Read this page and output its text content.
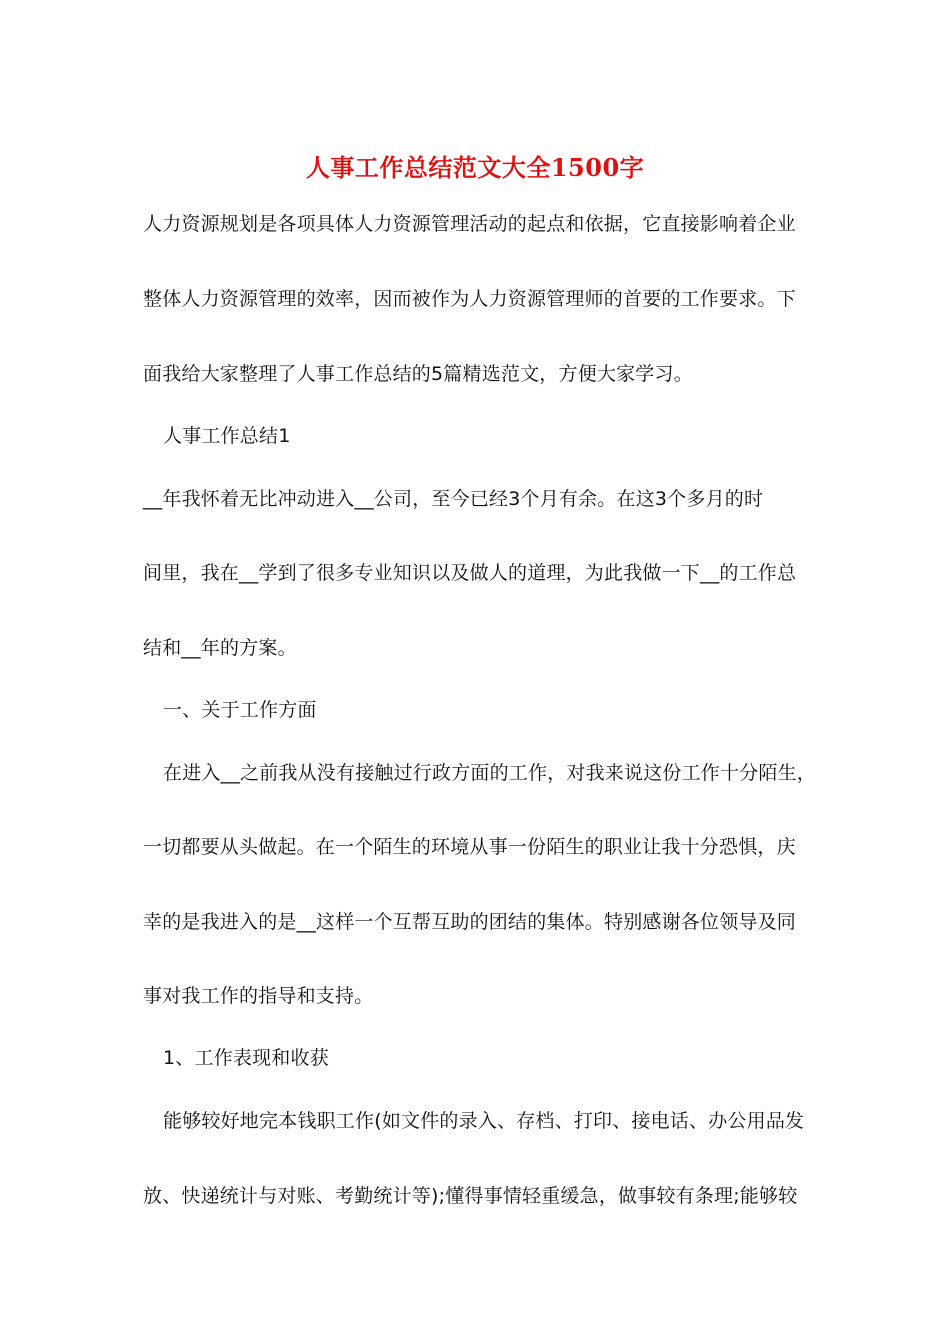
人事工作总结范文大全1500字
人力资源规划是各项具体人力资源管理活动的起点和依据，它直接影响着企业
整体人力资源管理的效率，因而被作为人力资源管理师的首要的工作要求。下
面我给大家整理了人事工作总结的5篇精选范文，方便大家学习。
人事工作总结1
__年我怀着无比冲动进入__公司，至今已经3个月有余。在这3个多月的时
间里，我在__学到了很多专业知识以及做人的道理，为此我做一下__的工作总
结和__年的方案。
一、关于工作方面
在进入__之前我从没有接触过行政方面的工作，对我来说这份工作十分陌生，
一切都要从头做起。在一个陌生的环境从事一份陌生的职业让我十分恐惧，庆
幸的是我进入的是__这样一个互帮互助的团结的集体。特别感谢各位领导及同
事对我工作的指导和支持。
1、工作表现和收获
能够较好地完本钱职工作(如文件的录入、存档、打印、接电话、办公用品发
放、快递统计与对账、考勤统计等);懂得事情轻重缓急，做事较有条理;能够较
